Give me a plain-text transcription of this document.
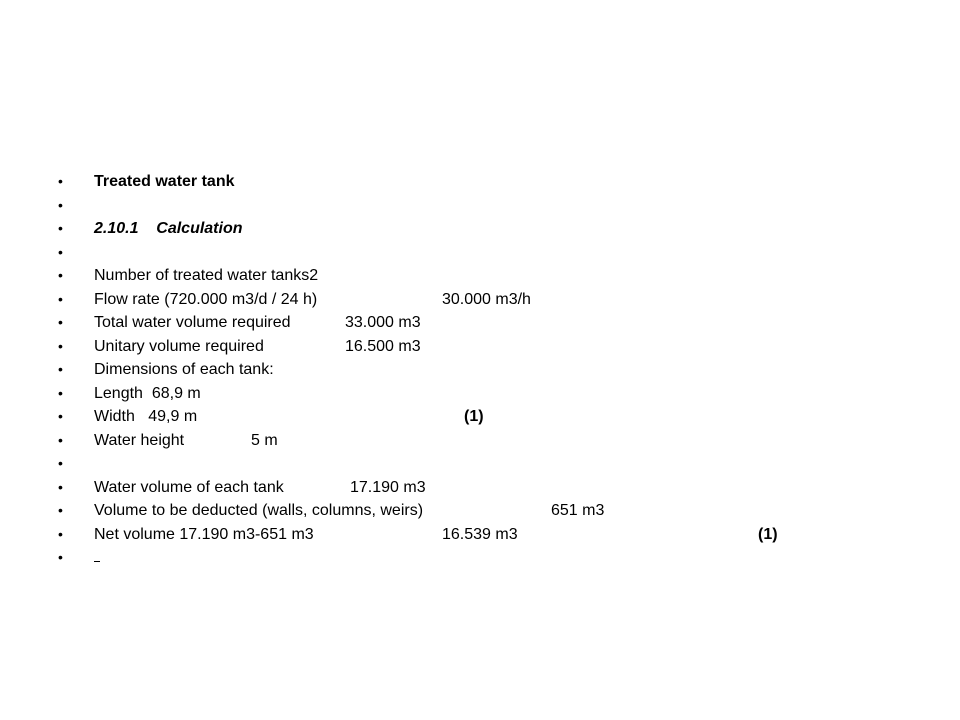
•

	Treated water tank

•

•

	2.10.1    Calculation

•

•

	Number of treated water tanks2

•

	Flow rate (720.000 m3/d / 24 h)

	30.000 m3/h

•

	Total water volume required

	33.000 m3

•

	Unitary volume required

	16.500 m3

•

	Dimensions of each tank:

•

	Length  68,9 m

•

	Width   49,9 m

	(1)

•

	Water height

	5 m

•

•

	Water volume of each tank

	17.190 m3

•

	Volume to be deducted (walls, columns, weirs)

	651 m3

•

	Net volume 17.190 m3-651 m3

	16.539 m3

	(1)

•
